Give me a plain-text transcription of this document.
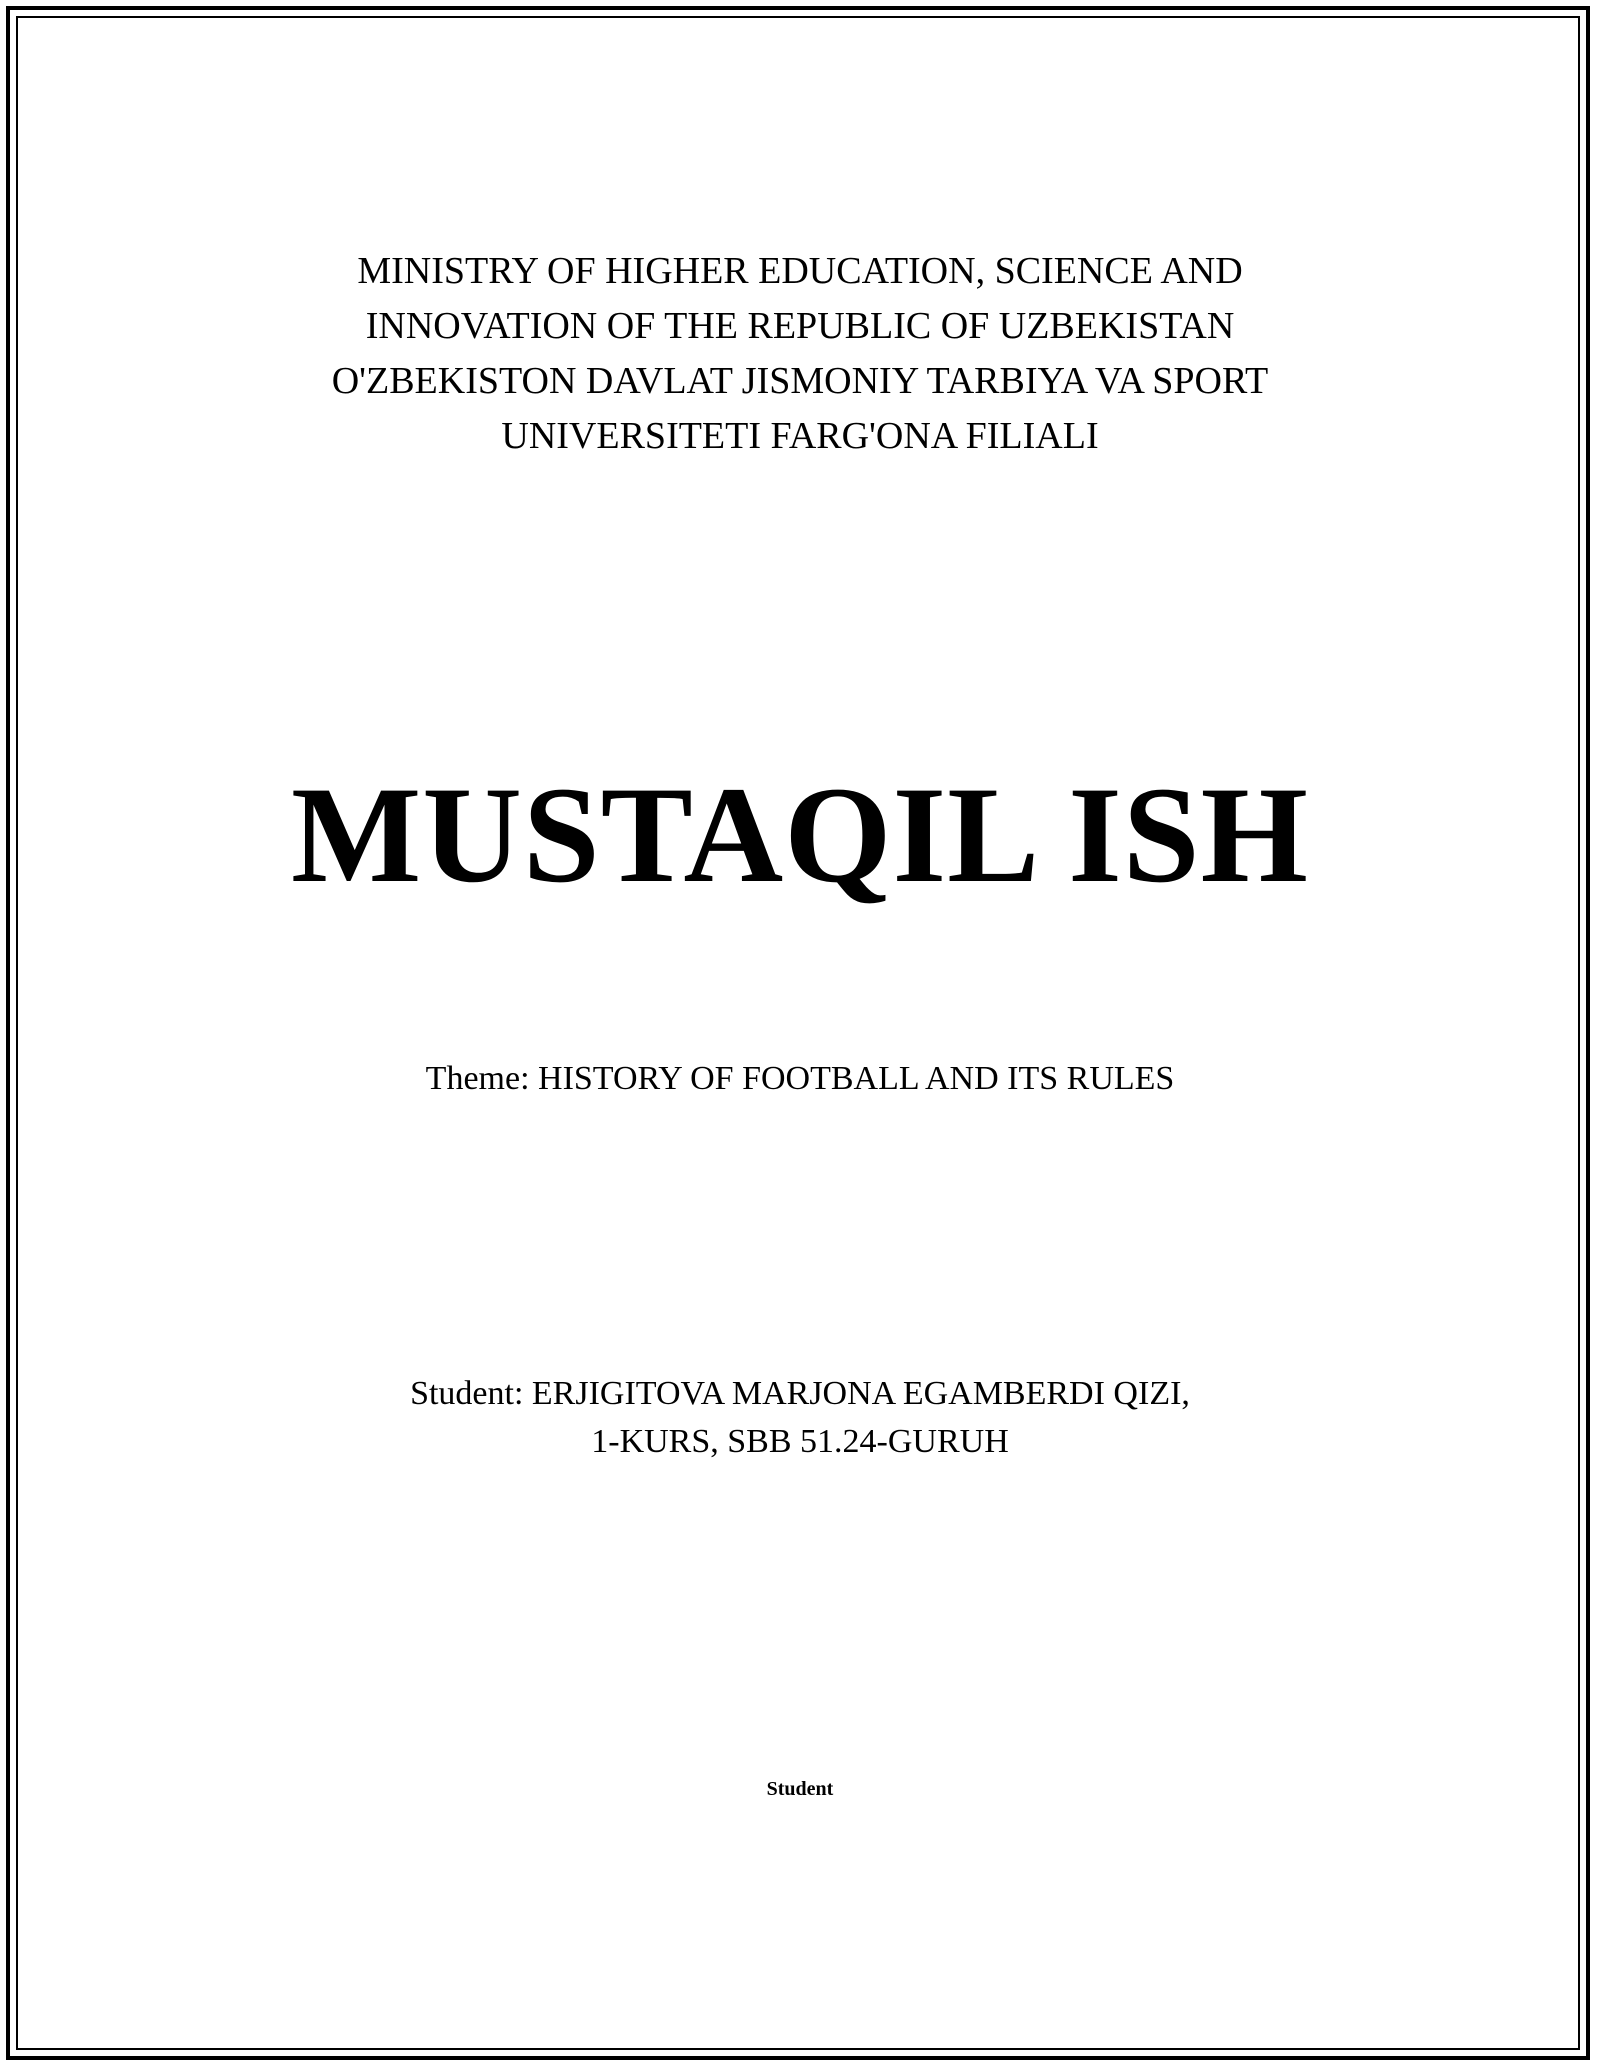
MINISTRY OF HIGHER EDUCATION, SCIENCE AND
INNOVATION OF THE REPUBLIC OF UZBEKISTAN
O'ZBEKISTON DAVLAT JISMONIY TARBIYA VA SPORT
UNIVERSITETI FARG'ONA FILIALI
MUSTAQIL ISH
Theme: HISTORY OF FOOTBALL AND ITS RULES
Student: ERJIGITOVA MARJONA EGAMBERDI QIZI,
1-KURS, SBB 51.24-GURUH
Student
